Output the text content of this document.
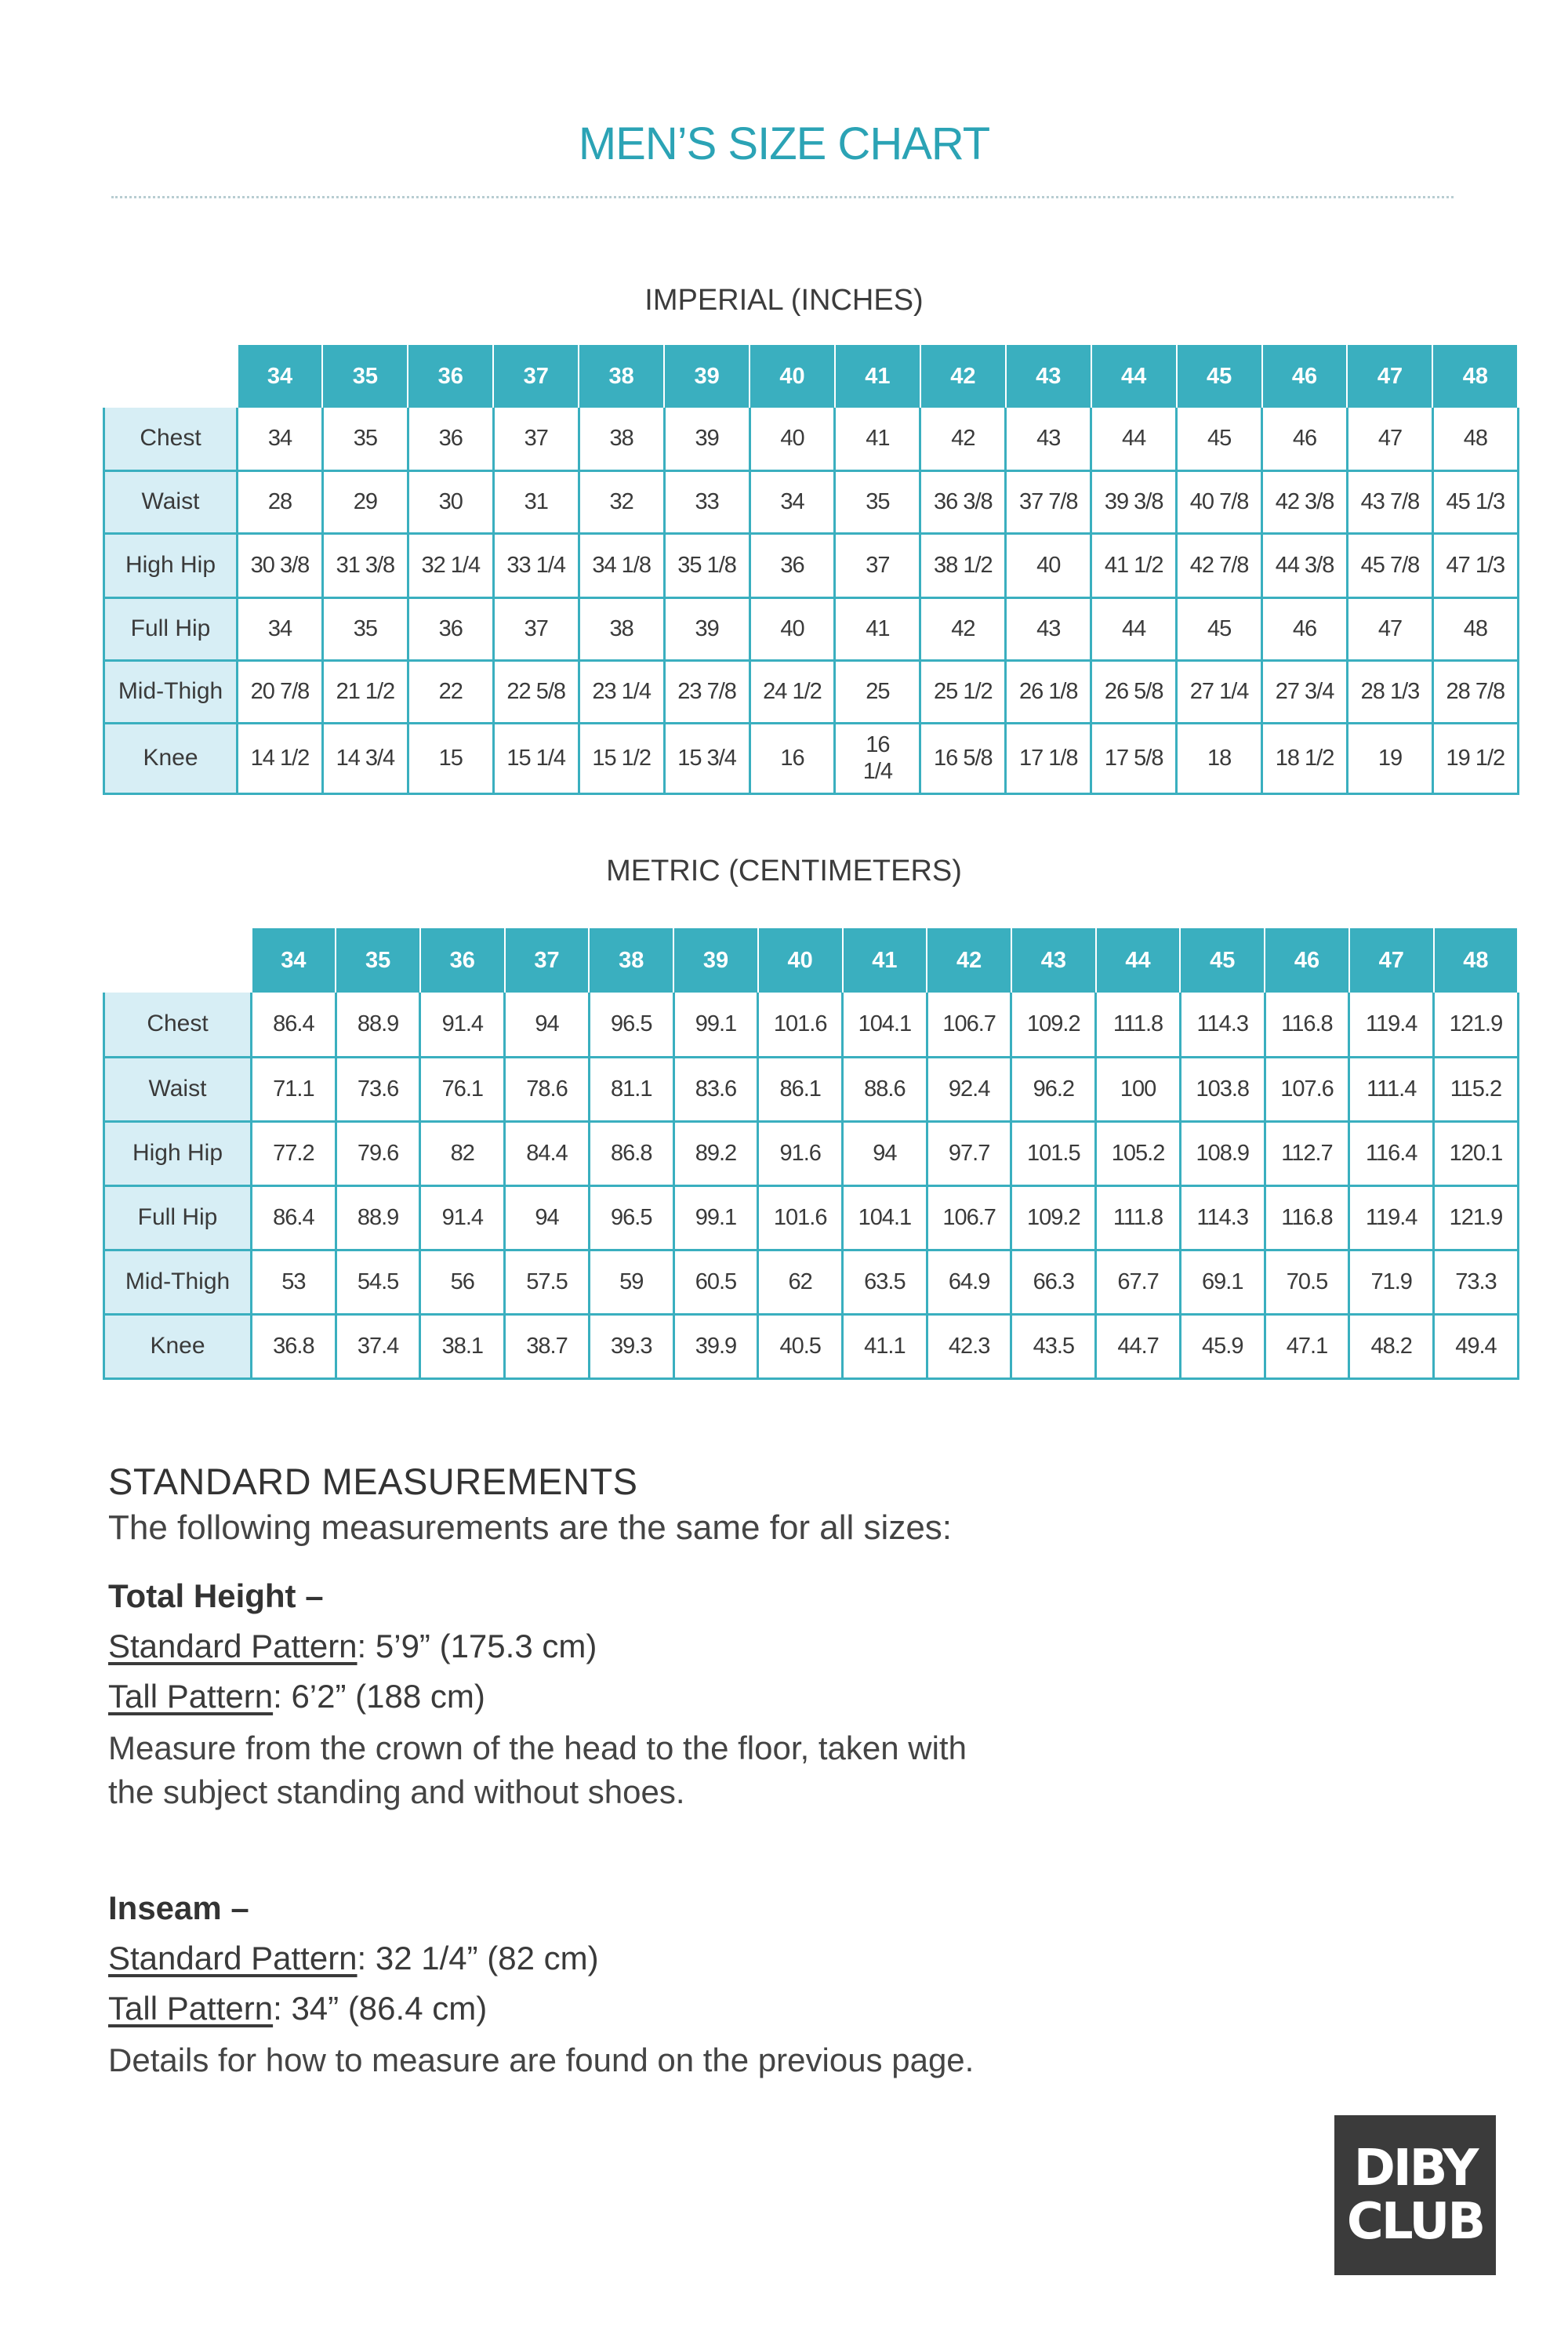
MEN’S SIZE CHART
IMPERIAL (INCHES)
	34	35	36	37	38	39	40	41	42	43	44	45	46	47	48
Chest	34	35	36	37	38	39	40	41	42	43	44	45	46	47	48
Waist	28	29	30	31	32	33	34	35	36 3/8	37 7/8	39 3/8	40 7/8	42 3/8	43 7/8	45 1/3
High Hip	30 3/8	31 3/8	32 1/4	33 1/4	34 1/8	35 1/8	36	37	38 1/2	40	41 1/2	42 7/8	44 3/8	45 7/8	47 1/3
Full Hip	34	35	36	37	38	39	40	41	42	43	44	45	46	47	48
Mid-Thigh	20 7/8	21 1/2	22	22 5/8	23 1/4	23 7/8	24 1/2	25	25 1/2	26 1/8	26 5/8	27 1/4	27 3/4	28 1/3	28 7/8
Knee	14 1/2	14 3/4	15	15 1/4	15 1/2	15 3/4	16	16 1/4	16 5/8	17 1/8	17 5/8	18	18 1/2	19	19 1/2
METRIC (CENTIMETERS)
	34	35	36	37	38	39	40	41	42	43	44	45	46	47	48
Chest	86.4	88.9	91.4	94	96.5	99.1	101.6	104.1	106.7	109.2	111.8	114.3	116.8	119.4	121.9
Waist	71.1	73.6	76.1	78.6	81.1	83.6	86.1	88.6	92.4	96.2	100	103.8	107.6	111.4	115.2
High Hip	77.2	79.6	82	84.4	86.8	89.2	91.6	94	97.7	101.5	105.2	108.9	112.7	116.4	120.1
Full Hip	86.4	88.9	91.4	94	96.5	99.1	101.6	104.1	106.7	109.2	111.8	114.3	116.8	119.4	121.9
Mid-Thigh	53	54.5	56	57.5	59	60.5	62	63.5	64.9	66.3	67.7	69.1	70.5	71.9	73.3
Knee	36.8	37.4	38.1	38.7	39.3	39.9	40.5	41.1	42.3	43.5	44.7	45.9	47.1	48.2	49.4
STANDARD MEASUREMENTS
The following measurements are the same for all sizes:
Total Height –
Standard Pattern: 5’9” (175.3 cm)
Tall Pattern: 6’2” (188 cm)
Measure from the crown of the head to the floor, taken with
the subject standing and without shoes.
Inseam –
Standard Pattern: 32 1/4” (82 cm)
Tall Pattern: 34” (86.4 cm)
Details for how to measure are found on the previous page.
DIBY
CLUB
